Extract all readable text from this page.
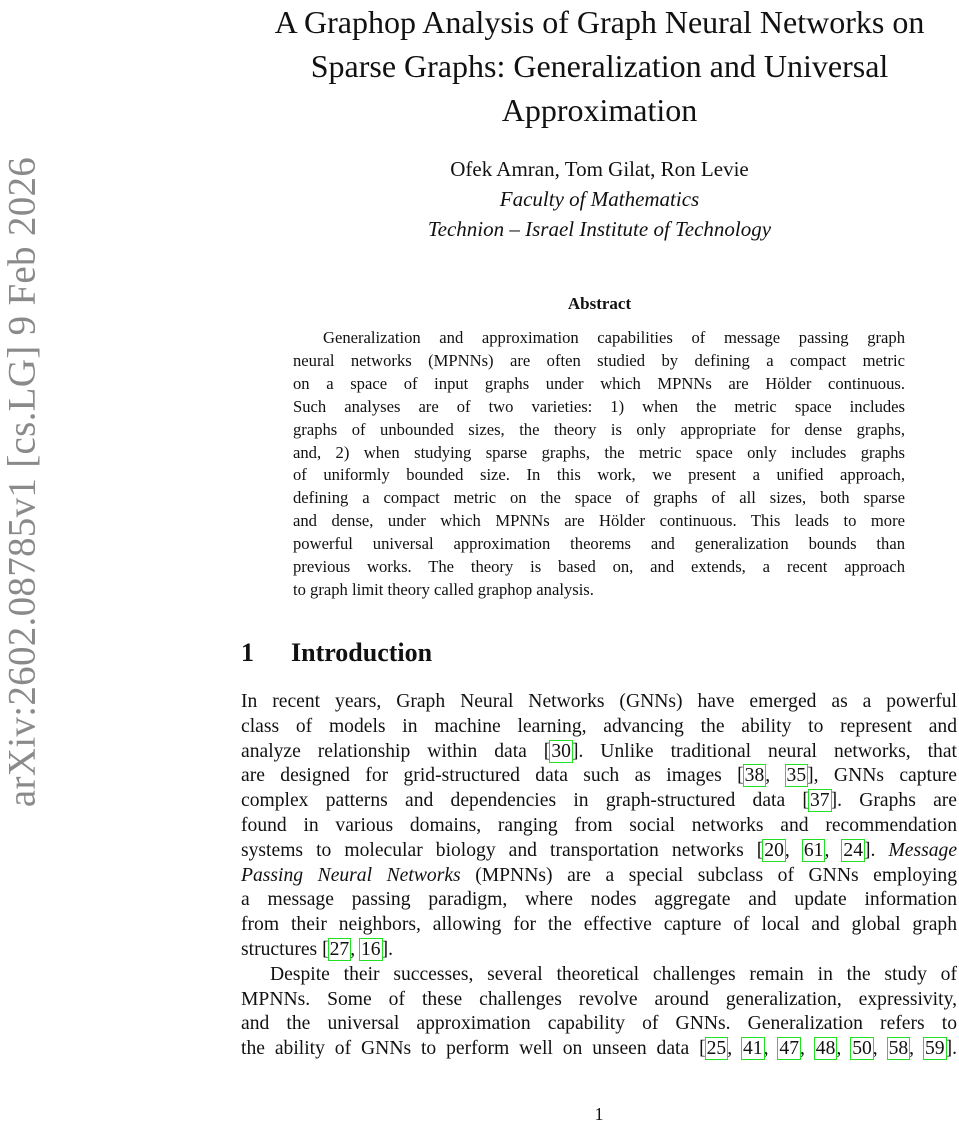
arXiv:2602.08785v1 [cs.LG] 9 Feb 2026
A Graphop Analysis of Graph Neural Networks on
Sparse Graphs: Generalization and Universal
Approximation
Ofek Amran, Tom Gilat, Ron Levie
Faculty of Mathematics
Technion – Israel Institute of Technology
Abstract
Generalization and approximation capabilities of message passing graph
neural networks (MPNNs) are often studied by defining a compact metric
on a space of input graphs under which MPNNs are Hölder continuous.
Such analyses are of two varieties: 1) when the metric space includes
graphs of unbounded sizes, the theory is only appropriate for dense graphs,
and, 2) when studying sparse graphs, the metric space only includes graphs
of uniformly bounded size. In this work, we present a unified approach,
defining a compact metric on the space of graphs of all sizes, both sparse
and dense, under which MPNNs are Hölder continuous. This leads to more
powerful universal approximation theorems and generalization bounds than
previous works. The theory is based on, and extends, a recent approach
to graph limit theory called graphop analysis.
1 Introduction
In recent years, Graph Neural Networks (GNNs) have emerged as a powerful
class of models in machine learning, advancing the ability to represent and
analyze relationship within data [30]. Unlike traditional neural networks, that
are designed for grid-structured data such as images [38, 35], GNNs capture
complex patterns and dependencies in graph-structured data [37]. Graphs are
found in various domains, ranging from social networks and recommendation
systems to molecular biology and transportation networks [20, 61, 24]. Message
Passing Neural Networks (MPNNs) are a special subclass of GNNs employing
a message passing paradigm, where nodes aggregate and update information
from their neighbors, allowing for the effective capture of local and global graph
structures [27, 16].
Despite their successes, several theoretical challenges remain in the study of
MPNNs. Some of these challenges revolve around generalization, expressivity,
and the universal approximation capability of GNNs. Generalization refers to
the ability of GNNs to perform well on unseen data [25, 41, 47, 48, 50, 58, 59].
1
